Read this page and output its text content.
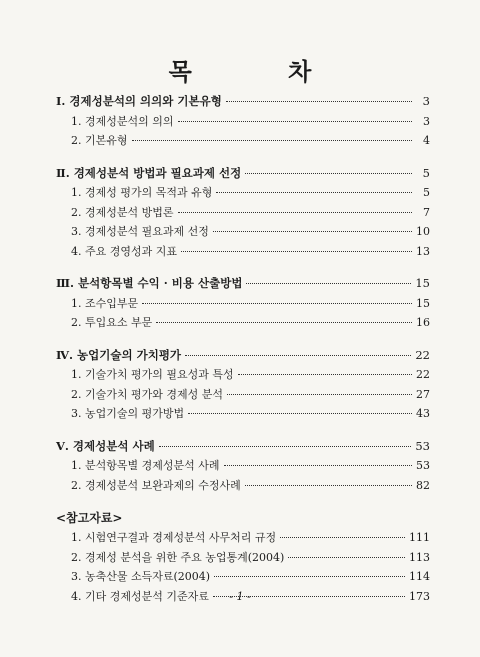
목 차
Ⅰ. 경제성분석의 의의와 기본유형	3
1. 경제성분석의 의의	3
2. 기본유형	4
Ⅱ. 경제성분석 방법과 필요과제 선정	5
1. 경제성 평가의 목적과 유형	5
2. 경제성분석 방법론	7
3. 경제성분석 필요과제 선정	10
4. 주요 경영성과 지표	13
Ⅲ. 분석항목별 수익 · 비용 산출방법	15
1. 조수입부문	15
2. 투입요소 부문	16
Ⅳ. 농업기술의 가치평가	22
1. 기술가치 평가의 필요성과 특성	22
2. 기술가치 평가와 경제성 분석	27
3. 농업기술의 평가방법	43
Ⅴ. 경제성분석 사례	53
1. 분석항목별 경제성분석 사례	53
2. 경제성분석 보완과제의 수정사례	82
<참고자료>
1. 시험연구결과 경제성분석 사무처리 규정	111
2. 경제성 분석을 위한 주요 농업통계(2004)	113
3. 농축산물 소득자료(2004)	114
4. 기타 경제성분석 기준자료	173
- 1 -
